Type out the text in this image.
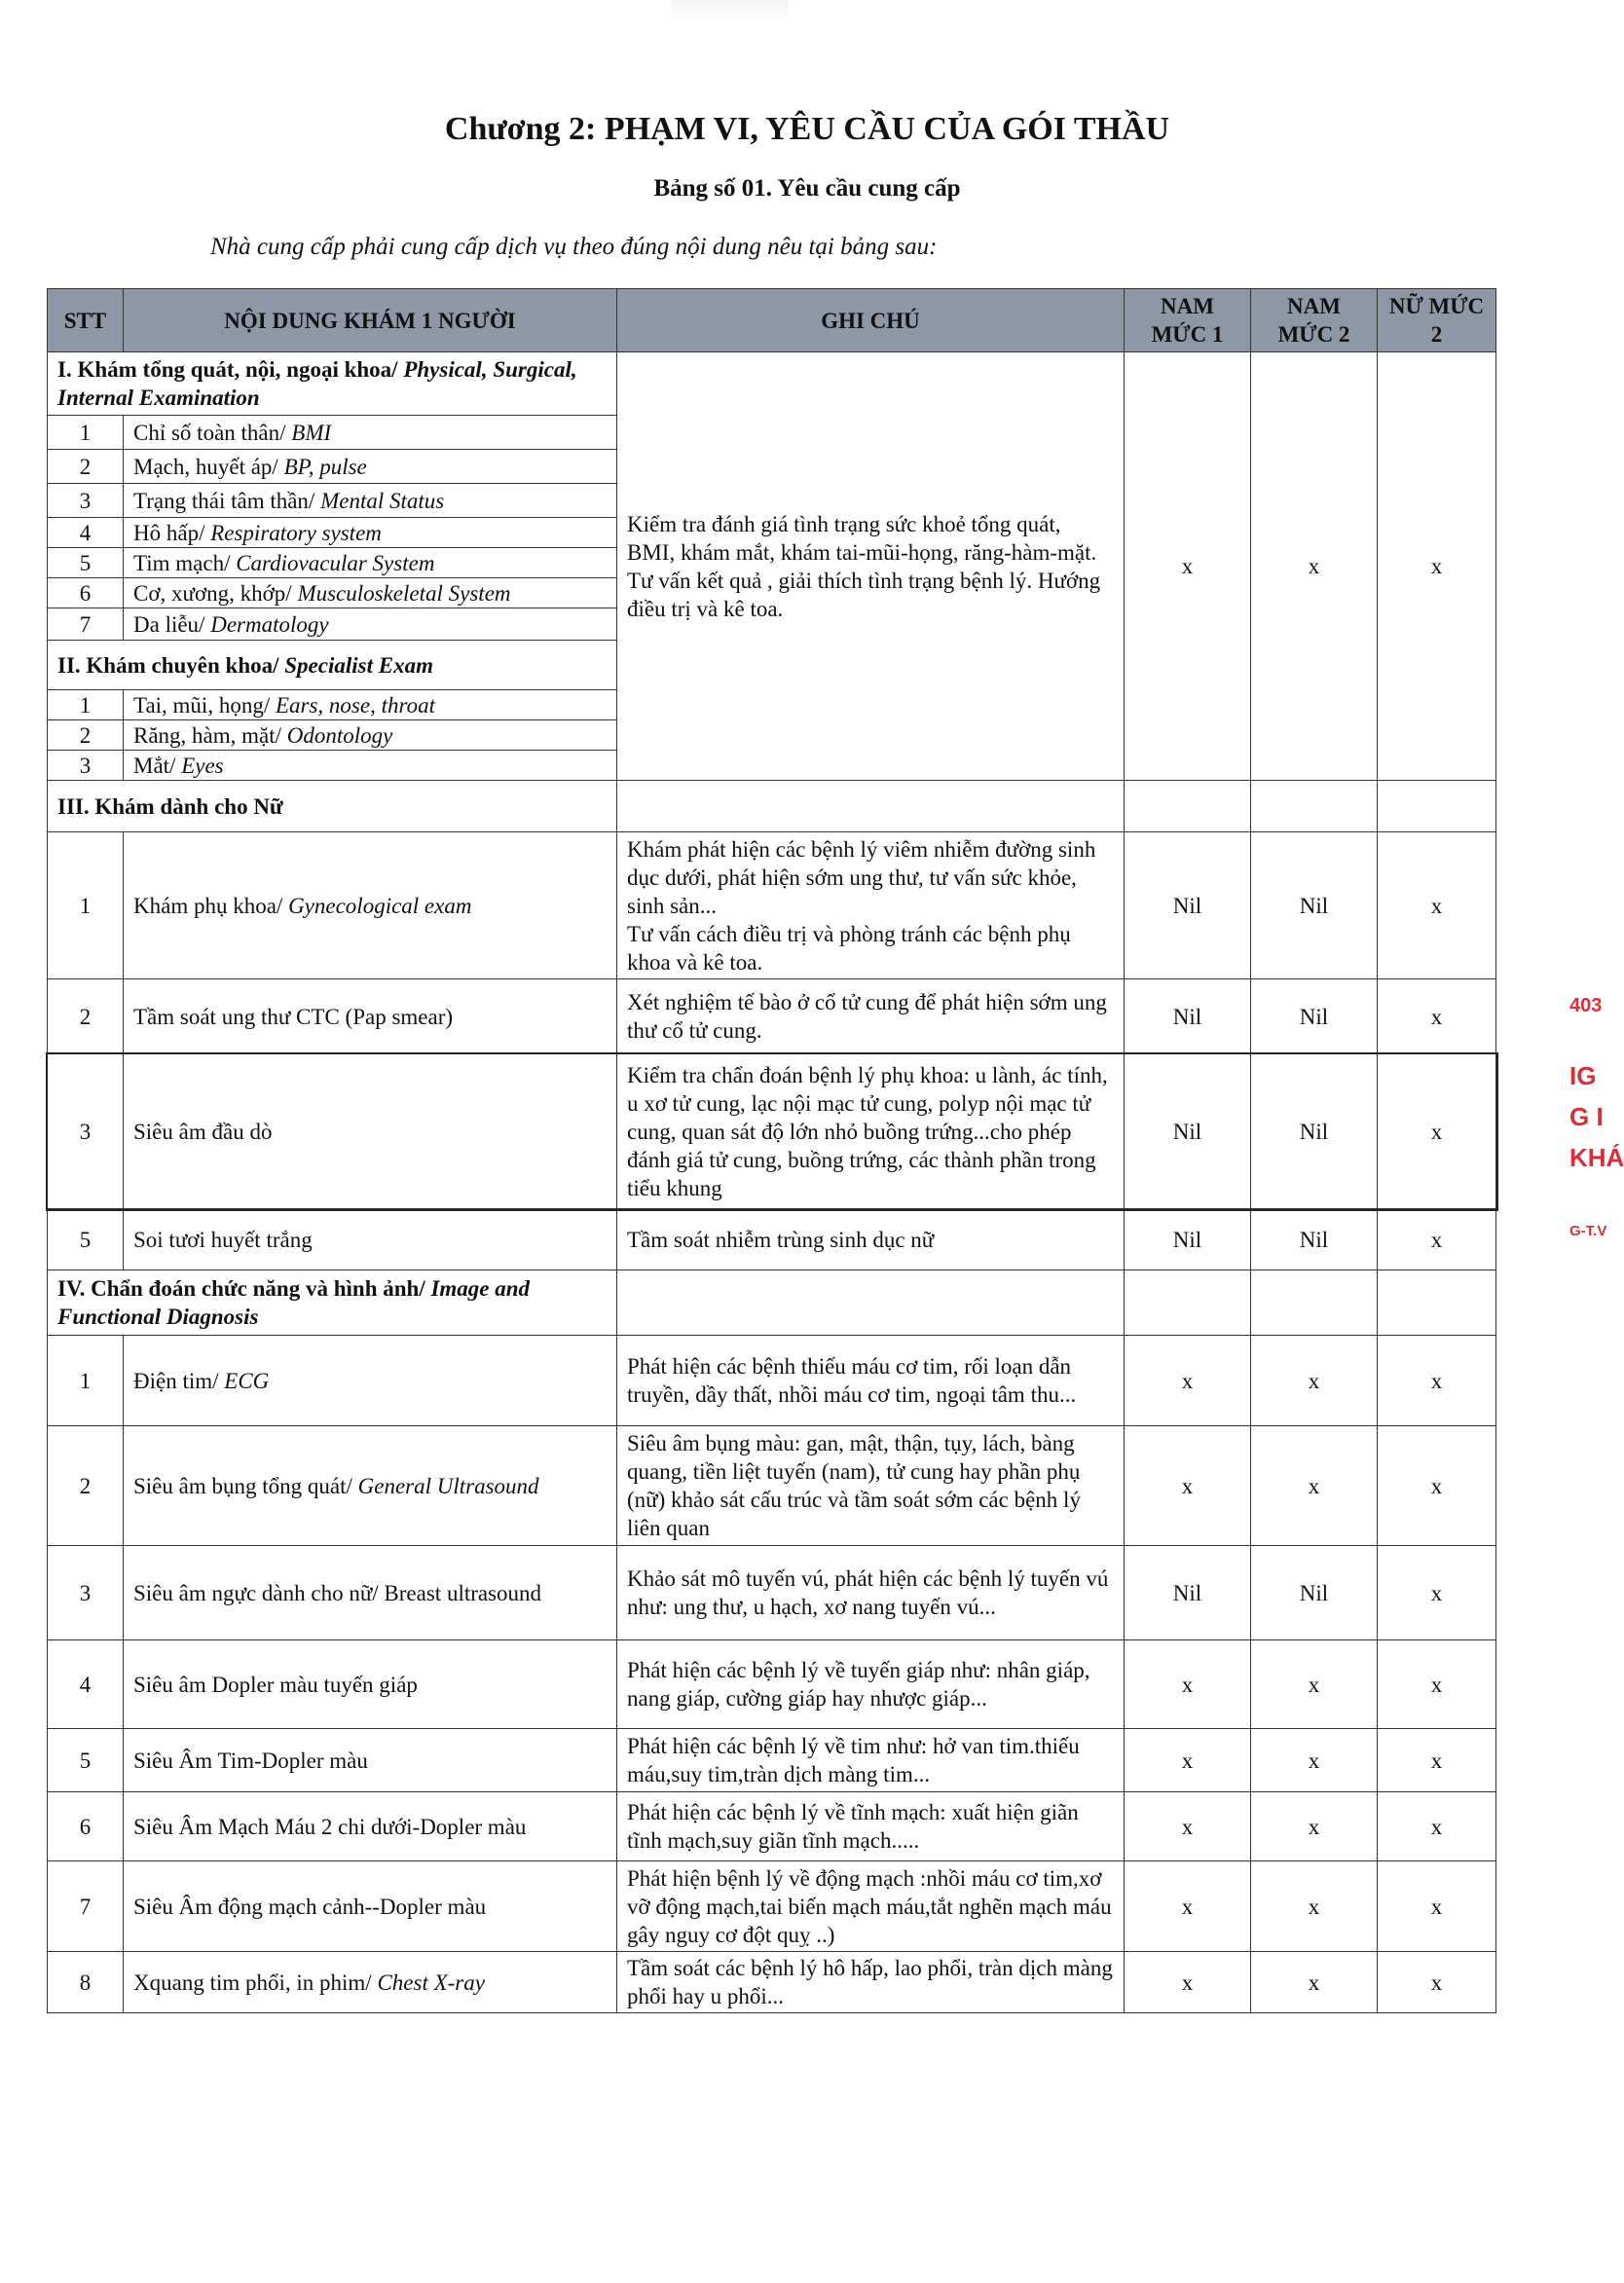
Chương 2: PHẠM VI, YÊU CẦU CỦA GÓI THẦU
Bảng số 01. Yêu cầu cung cấp
Nhà cung cấp phải cung cấp dịch vụ theo đúng nội dung nêu tại bảng sau:
STT	NỘI DUNG KHÁM 1 NGƯỜI	GHI CHÚ	NAM MỨC 1	NAM MỨC 2	NỮ MỨC 2
I. Khám tổng quát, nội, ngoại khoa/ Physical, Surgical, Internal Examination		Kiểm tra đánh giá tình trạng sức khoẻ tổng quát, BMI, khám mắt, khám tai-mũi-họng, răng-hàm-mặt.
Tư vấn kết quả , giải thích tình trạng bệnh lý. Hướng điều trị và kê toa.	x	x	x
1	Chỉ số toàn thân/ BMI				
2	Mạch, huyết áp/ BP, pulse				
3	Trạng thái tâm thần/ Mental Status				
4	Hô hấp/ Respiratory system				
5	Tim mạch/ Cardiovacular System				
6	Cơ, xương, khớp/ Musculoskeletal System				
7	Da liễu/ Dermatology				
II. Khám chuyên khoa/ Specialist Exam					
1	Tai, mũi, họng/ Ears, nose, throat				
2	Răng, hàm, mặt/ Odontology				
3	Mắt/ Eyes				
III. Khám dành cho Nữ					
1	Khám phụ khoa/ Gynecological exam	Khám phát hiện các bệnh lý viêm nhiễm đường sinh dục dưới, phát hiện sớm ung thư, tư vấn sức khỏe, sinh sản...
Tư vấn cách điều trị và phòng tránh các bệnh phụ khoa và kê toa.	Nil	Nil	x
2	Tầm soát ung thư CTC (Pap smear)	Xét nghiệm tế bào ở cổ tử cung để phát hiện sớm ung thư cổ tử cung.	Nil	Nil	x
3	Siêu âm đầu dò	Kiểm tra chẩn đoán bệnh lý phụ khoa: u lành, ác tính, u xơ tử cung, lạc nội mạc tử cung, polyp nội mạc tử cung, quan sát độ lớn nhỏ buồng trứng...cho phép đánh giá tử cung, buồng trứng, các thành phần trong tiểu khung	Nil	Nil	x
5	Soi tươi huyết trắng	Tầm soát nhiễm trùng sinh dục nữ	Nil	Nil	x
IV. Chẩn đoán chức năng và hình ảnh/ Image and Functional Diagnosis					
1	Điện tim/ ECG	Phát hiện các bệnh thiếu máu cơ tim, rối loạn dẫn truyền, dầy thất, nhồi máu cơ tim, ngoại tâm thu...	x	x	x
2	Siêu âm bụng tổng quát/ General Ultrasound	Siêu âm bụng màu: gan, mật, thận, tụy, lách, bàng quang, tiền liệt tuyến (nam), tử cung hay phần phụ (nữ) khảo sát cấu trúc và tầm soát sớm các bệnh lý liên quan	x	x	x
3	Siêu âm ngực dành cho nữ/ Breast ultrasound	Khảo sát mô tuyến vú, phát hiện các bệnh lý tuyến vú như: ung thư, u hạch, xơ nang tuyến vú...	Nil	Nil	x
4	Siêu âm Dopler màu tuyến giáp	Phát hiện các bệnh lý về tuyến giáp như: nhân giáp, nang giáp, cường giáp hay nhược giáp...	x	x	x
5	Siêu Âm Tim-Dopler màu	Phát hiện các bệnh lý về tim như: hở van tim.thiếu máu,suy tim,tràn dịch màng tim...	x	x	x
6	Siêu Âm Mạch Máu 2 chi dưới-Dopler màu	Phát hiện các bệnh lý về tĩnh mạch: xuất hiện giãn tĩnh mạch,suy giãn tĩnh mạch.....	x	x	x
7	Siêu Âm động mạch cảnh--Dopler màu	Phát hiện bệnh lý về động mạch :nhồi máu cơ tim,xơ vỡ động mạch,tai biến mạch máu,tắt nghẽn mạch máu gây nguy cơ đột quỵ ..)	x	x	x
8	Xquang tim phổi, in phim/ Chest X-ray	Tầm soát các bệnh lý hô hấp, lao phổi, tràn dịch màng phổi hay u phổi...	x	x	x
403
IG
G I
KHÁ
G-T.V
